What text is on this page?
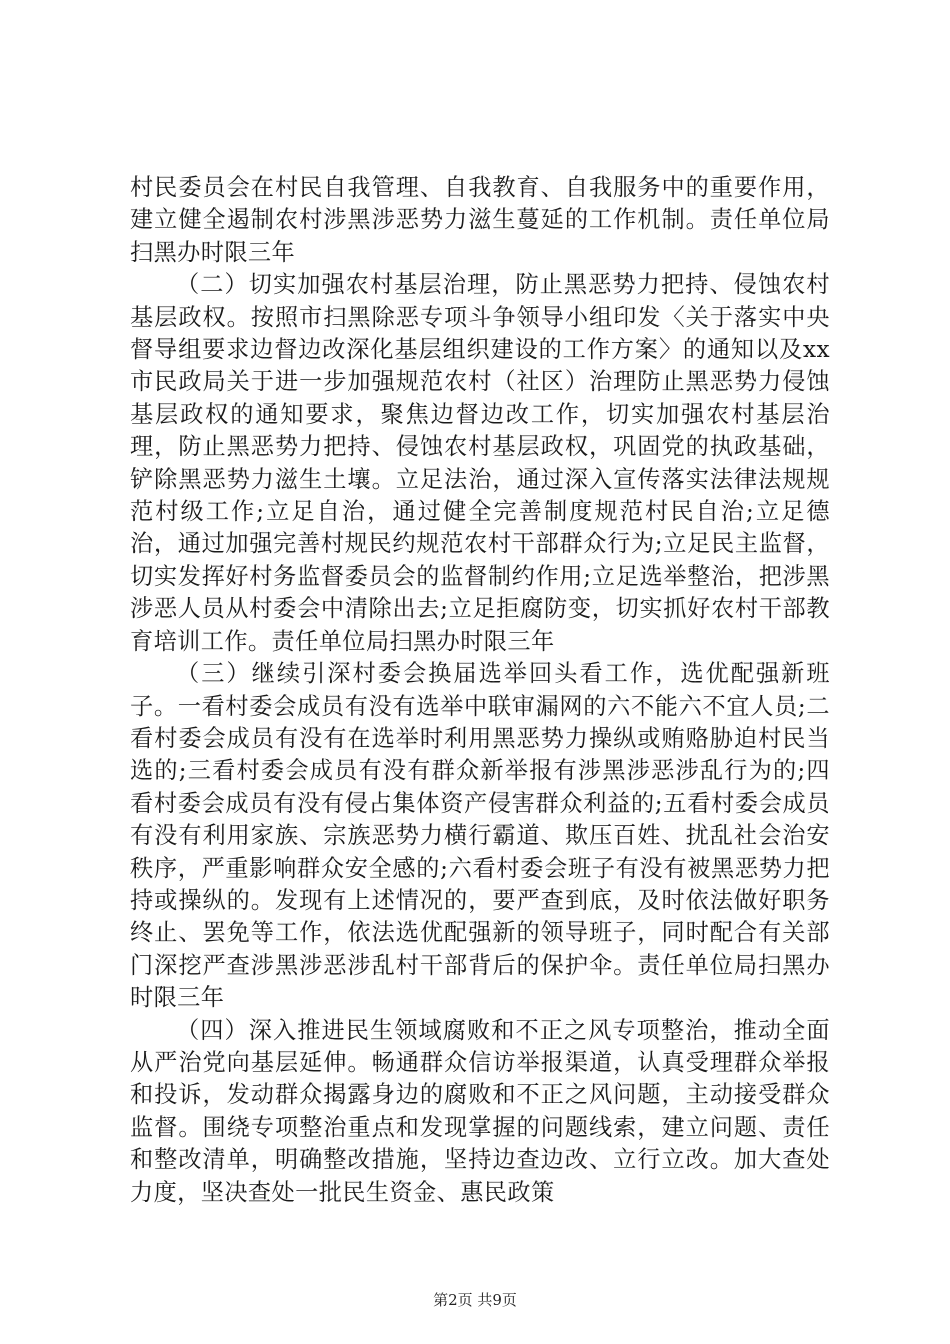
村民委员会在村民自我管理、自我教育、自我服务中的重要作用，建立健全遏制农村涉黑涉恶势力滋生蔓延的工作机制。责任单位局扫黑办时限三年

（二）切实加强农村基层治理，防止黑恶势力把持、侵蚀农村基层政权。按照市扫黑除恶专项斗争领导小组印发〈关于落实中央督导组要求边督边改深化基层组织建设的工作方案〉的通知以及xx市民政局关于进一步加强规范农村（社区）治理防止黑恶势力侵蚀基层政权的通知要求，聚焦边督边改工作，切实加强农村基层治理，防止黑恶势力把持、侵蚀农村基层政权，巩固党的执政基础，铲除黑恶势力滋生土壤。立足法治，通过深入宣传落实法律法规规范村级工作;立足自治，通过健全完善制度规范村民自治;立足德治，通过加强完善村规民约规范农村干部群众行为;立足民主监督，切实发挥好村务监督委员会的监督制约作用;立足选举整治，把涉黑涉恶人员从村委会中清除出去;立足拒腐防变，切实抓好农村干部教育培训工作。责任单位局扫黑办时限三年

（三）继续引深村委会换届选举回头看工作，选优配强新班子。一看村委会成员有没有选举中联审漏网的六不能六不宜人员;二看村委会成员有没有在选举时利用黑恶势力操纵或贿赂胁迫村民当选的;三看村委会成员有没有群众新举报有涉黑涉恶涉乱行为的;四看村委会成员有没有侵占集体资产侵害群众利益的;五看村委会成员有没有利用家族、宗族恶势力横行霸道、欺压百姓、扰乱社会治安秩序，严重影响群众安全感的;六看村委会班子有没有被黑恶势力把持或操纵的。发现有上述情况的，要严查到底，及时依法做好职务终止、罢免等工作，依法选优配强新的领导班子，同时配合有关部门深挖严查涉黑涉恶涉乱村干部背后的保护伞。责任单位局扫黑办时限三年

（四）深入推进民生领域腐败和不正之风专项整治，推动全面从严治党向基层延伸。畅通群众信访举报渠道，认真受理群众举报和投诉，发动群众揭露身边的腐败和不正之风问题，主动接受群众监督。围绕专项整治重点和发现掌握的问题线索，建立问题、责任和整改清单，明确整改措施，坚持边查边改、立行立改。加大查处力度，坚决查处一批民生资金、惠民政策

第2页 共9页
